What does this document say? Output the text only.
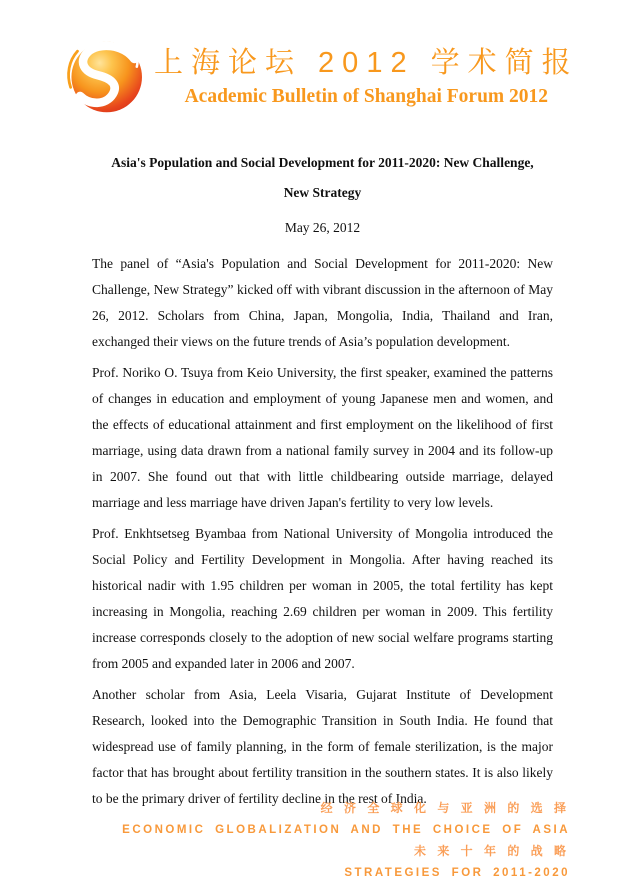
上海论坛 2012 学术简报
Academic Bulletin of Shanghai Forum 2012
Asia's Population and Social Development for 2011-2020: New Challenge,
New Strategy
May 26, 2012

The panel of “Asia's Population and Social Development for 2011-2020: New Challenge, New Strategy” kicked off with vibrant discussion in the afternoon of May 26, 2012. Scholars from China, Japan, Mongolia, India, Thailand and Iran, exchanged their views on the future trends of Asia’s population development.

Prof. Noriko O. Tsuya from Keio University, the first speaker, examined the patterns of changes in education and employment of young Japanese men and women, and the effects of educational attainment and first employment on the likelihood of first marriage, using data drawn from a national family survey in 2004 and its follow-up in 2007. She found out that with little childbearing outside marriage, delayed marriage and less marriage have driven Japan's fertility to very low levels.

Prof. Enkhtsetseg Byambaa from National University of Mongolia introduced the Social Policy and Fertility Development in Mongolia. After having reached its historical nadir with 1.95 children per woman in 2005, the total fertility has kept increasing in Mongolia, reaching 2.69 children per woman in 2009. This fertility increase corresponds closely to the adoption of new social welfare programs starting from 2005 and expanded later in 2006 and 2007.

Another scholar from Asia, Leela Visaria, Gujarat Institute of Development Research, looked into the Demographic Transition in South India. He found that widespread use of family planning, in the form of female sterilization, is the major factor that has brought about fertility transition in the southern states. It is also likely to be the primary driver of fertility decline in the rest of India.

经 济 全 球 化 与 亚 洲 的 选 择
ECONOMIC GLOBALIZATION AND THE CHOICE OF ASIA
未 来 十 年 的 战 略
STRATEGIES FOR 2011-2020
